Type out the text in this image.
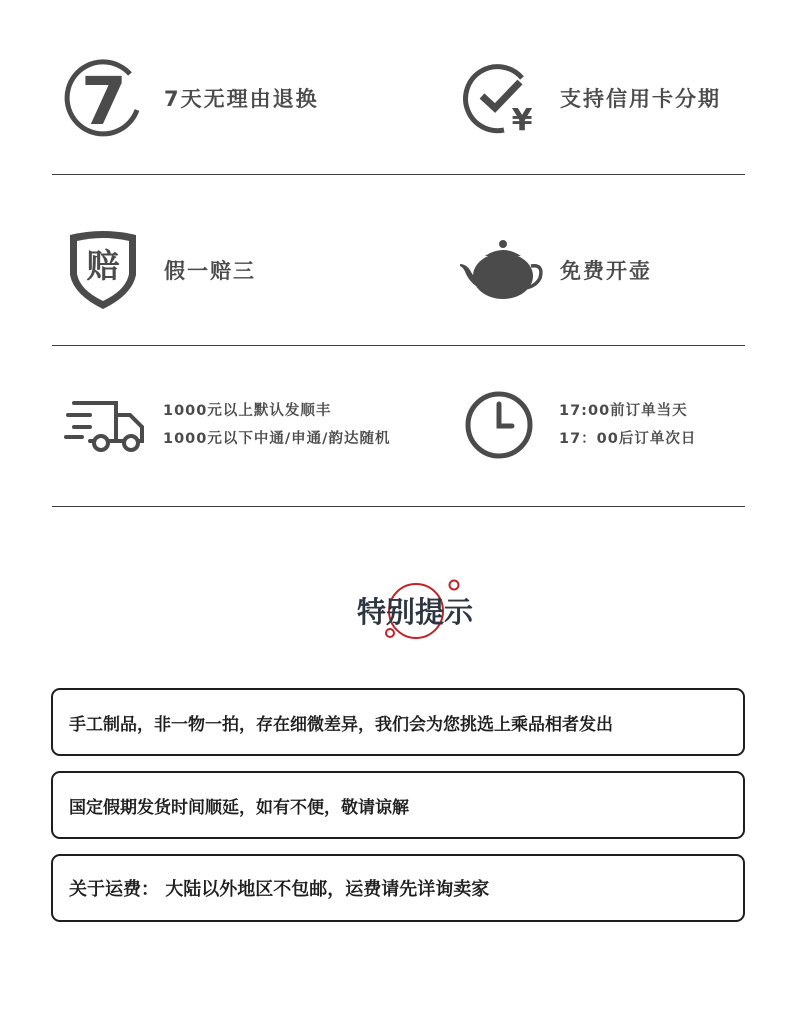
7 7天无理由退换
¥
支持信用卡分期
赔 假一赔三	免费开壶
1000元以上默认发顺丰
1000元以下中通/申通/韵达随机
17:00前订单当天
17：00后订单次日
特别提示
手工制品，非一物一拍，存在细微差异，我们会为您挑选上乘品相者发出
国定假期发货时间顺延，如有不便，敬请谅解
关于运费： 大陆以外地区不包邮，运费请先详询卖家
